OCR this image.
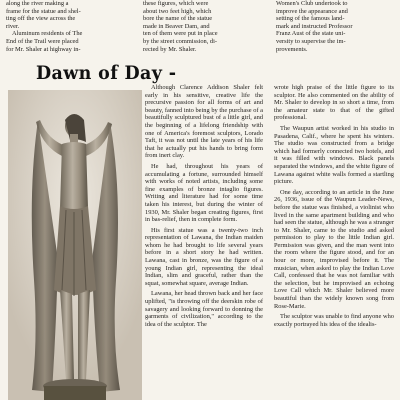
along the river making a
frame for the statue and shel-
ting off the view across the
river.
Aluminum residents of The
End of the Trail were placed
for Mr. Shaler at highway in-
these figures, which were
about two feet high, which
bore the name of the statue
made in Beaver Dam, and
ten of them were put in place
by the street commission, di-
rected by Mr. Shaler.
Women's Club undertook to
improve the appearance and
setting of the famous land-
mark and instructed Professor
Franz Aust of the state uni-
versity to supervise the im-
provements.
Dawn of Day -

Although Clarence Addison Shaler felt early in his sensitive, creative life the precursive passion for all forms of art and beauty, fanned into being by the purchase of a beautifully sculptured bust of a little girl, and the beginning of a lifelong friendship with one of America's foremost sculptors, Lorado Taft, it was not until the late years of his life that he actually put his hands to bring form from inert clay.

He had, throughout his years of accumulating a fortune, surrounded himself with works of noted artists, including some fine examples of bronze intaglio figures. Writing and literature had for some time taken his interest, but during the winter of 1930, Mr. Shaler began creating figures, first in bas-relief, then in complete form.

His first statue was a twenty-two inch representation of Lawana, the Indian maiden whom he had brought to life several years before in a short story he had written. Lawana, cast in bronze, was the figure of a young Indian girl, representing the ideal Indian, slim and graceful, rather than the squat, somewhat square, average Indian.

Lawana, her head thrown back and her face uplifted, "is throwing off the deerskin robe of savagery and looking forward to donning the garments of civilization," according to the idea of the sculptor. The

wrote high praise of the little figure to its sculptor. He also commented on the ability of Mr. Shaler to develop in so short a time, from the amateur state to that of the gifted professional.

The Waupun artist worked in his studio in Pasadena, Calif., where he spent his winters. The studio was constructed from a bridge which had formerly connected two hotels, and it was filled with windows. Black panels separated the windows, and the white figure of Lawana against white walls formed a startling picture.

One day, according to an article in the June 26, 1936, issue of the Waupun Leader-News, before the statue was finished, a violinist who lived in the same apartment building and who had seen the statue, although he was a stranger to Mr. Shaler, came to the studio and asked permission to play to the little Indian girl. Permission was given, and the man went into the room where the figure stood, and for an hour or more, improvised before it. The musician, when asked to play the Indian Love Call, confessed that he was not familiar with the selection, but he improvised an echoing Love Call which Mr. Shaler believed more beautiful than the widely known song from Rose-Marie.

The sculptor was unable to find anyone who exactly portrayed his idea of the idealis-
